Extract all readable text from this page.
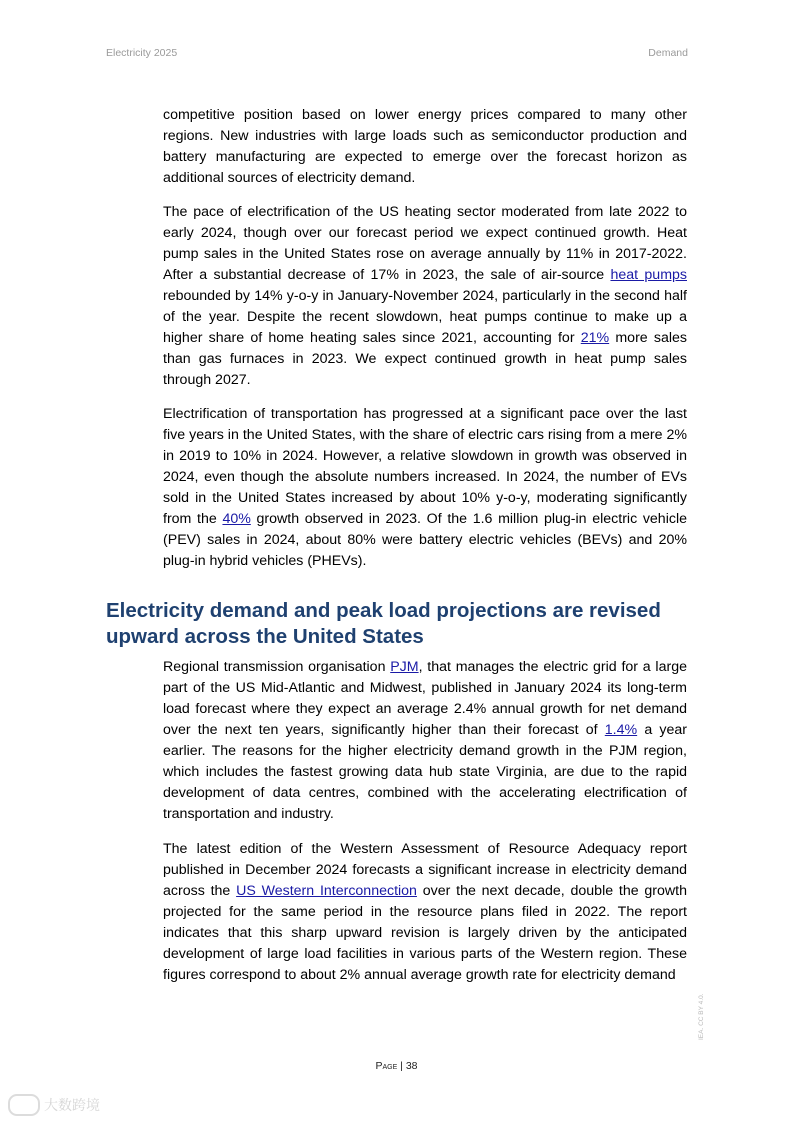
Electricity 2025	Demand

competitive position based on lower energy prices compared to many other regions. New industries with large loads such as semiconductor production and battery manufacturing are expected to emerge over the forecast horizon as additional sources of electricity demand.

The pace of electrification of the US heating sector moderated from late 2022 to early 2024, though over our forecast period we expect continued growth. Heat pump sales in the United States rose on average annually by 11% in 2017-2022. After a substantial decrease of 17% in 2023, the sale of air-source heat pumps rebounded by 14% y-o-y in January-November 2024, particularly in the second half of the year. Despite the recent slowdown, heat pumps continue to make up a higher share of home heating sales since 2021, accounting for 21% more sales than gas furnaces in 2023. We expect continued growth in heat pump sales through 2027.

Electrification of transportation has progressed at a significant pace over the last five years in the United States, with the share of electric cars rising from a mere 2% in 2019 to 10% in 2024. However, a relative slowdown in growth was observed in 2024, even though the absolute numbers increased. In 2024, the number of EVs sold in the United States increased by about 10% y-o-y, moderating significantly from the 40% growth observed in 2023. Of the 1.6 million plug-in electric vehicle (PEV) sales in 2024, about 80% were battery electric vehicles (BEVs) and 20% plug-in hybrid vehicles (PHEVs).

Electricity demand and peak load projections are revised upward across the United States

Regional transmission organisation PJM, that manages the electric grid for a large part of the US Mid-Atlantic and Midwest, published in January 2024 its long-term load forecast where they expect an average 2.4% annual growth for net demand over the next ten years, significantly higher than their forecast of 1.4% a year earlier. The reasons for the higher electricity demand growth in the PJM region, which includes the fastest growing data hub state Virginia, are due to the rapid development of data centres, combined with the accelerating electrification of transportation and industry.

The latest edition of the Western Assessment of Resource Adequacy report published in December 2024 forecasts a significant increase in electricity demand across the US Western Interconnection over the next decade, double the growth projected for the same period in the resource plans filed in 2022. The report indicates that this sharp upward revision is largely driven by the anticipated development of large load facilities in various parts of the Western region. These figures correspond to about 2% annual average growth rate for electricity demand

Page | 38
IEA. CC BY 4.0.
大数跨境
